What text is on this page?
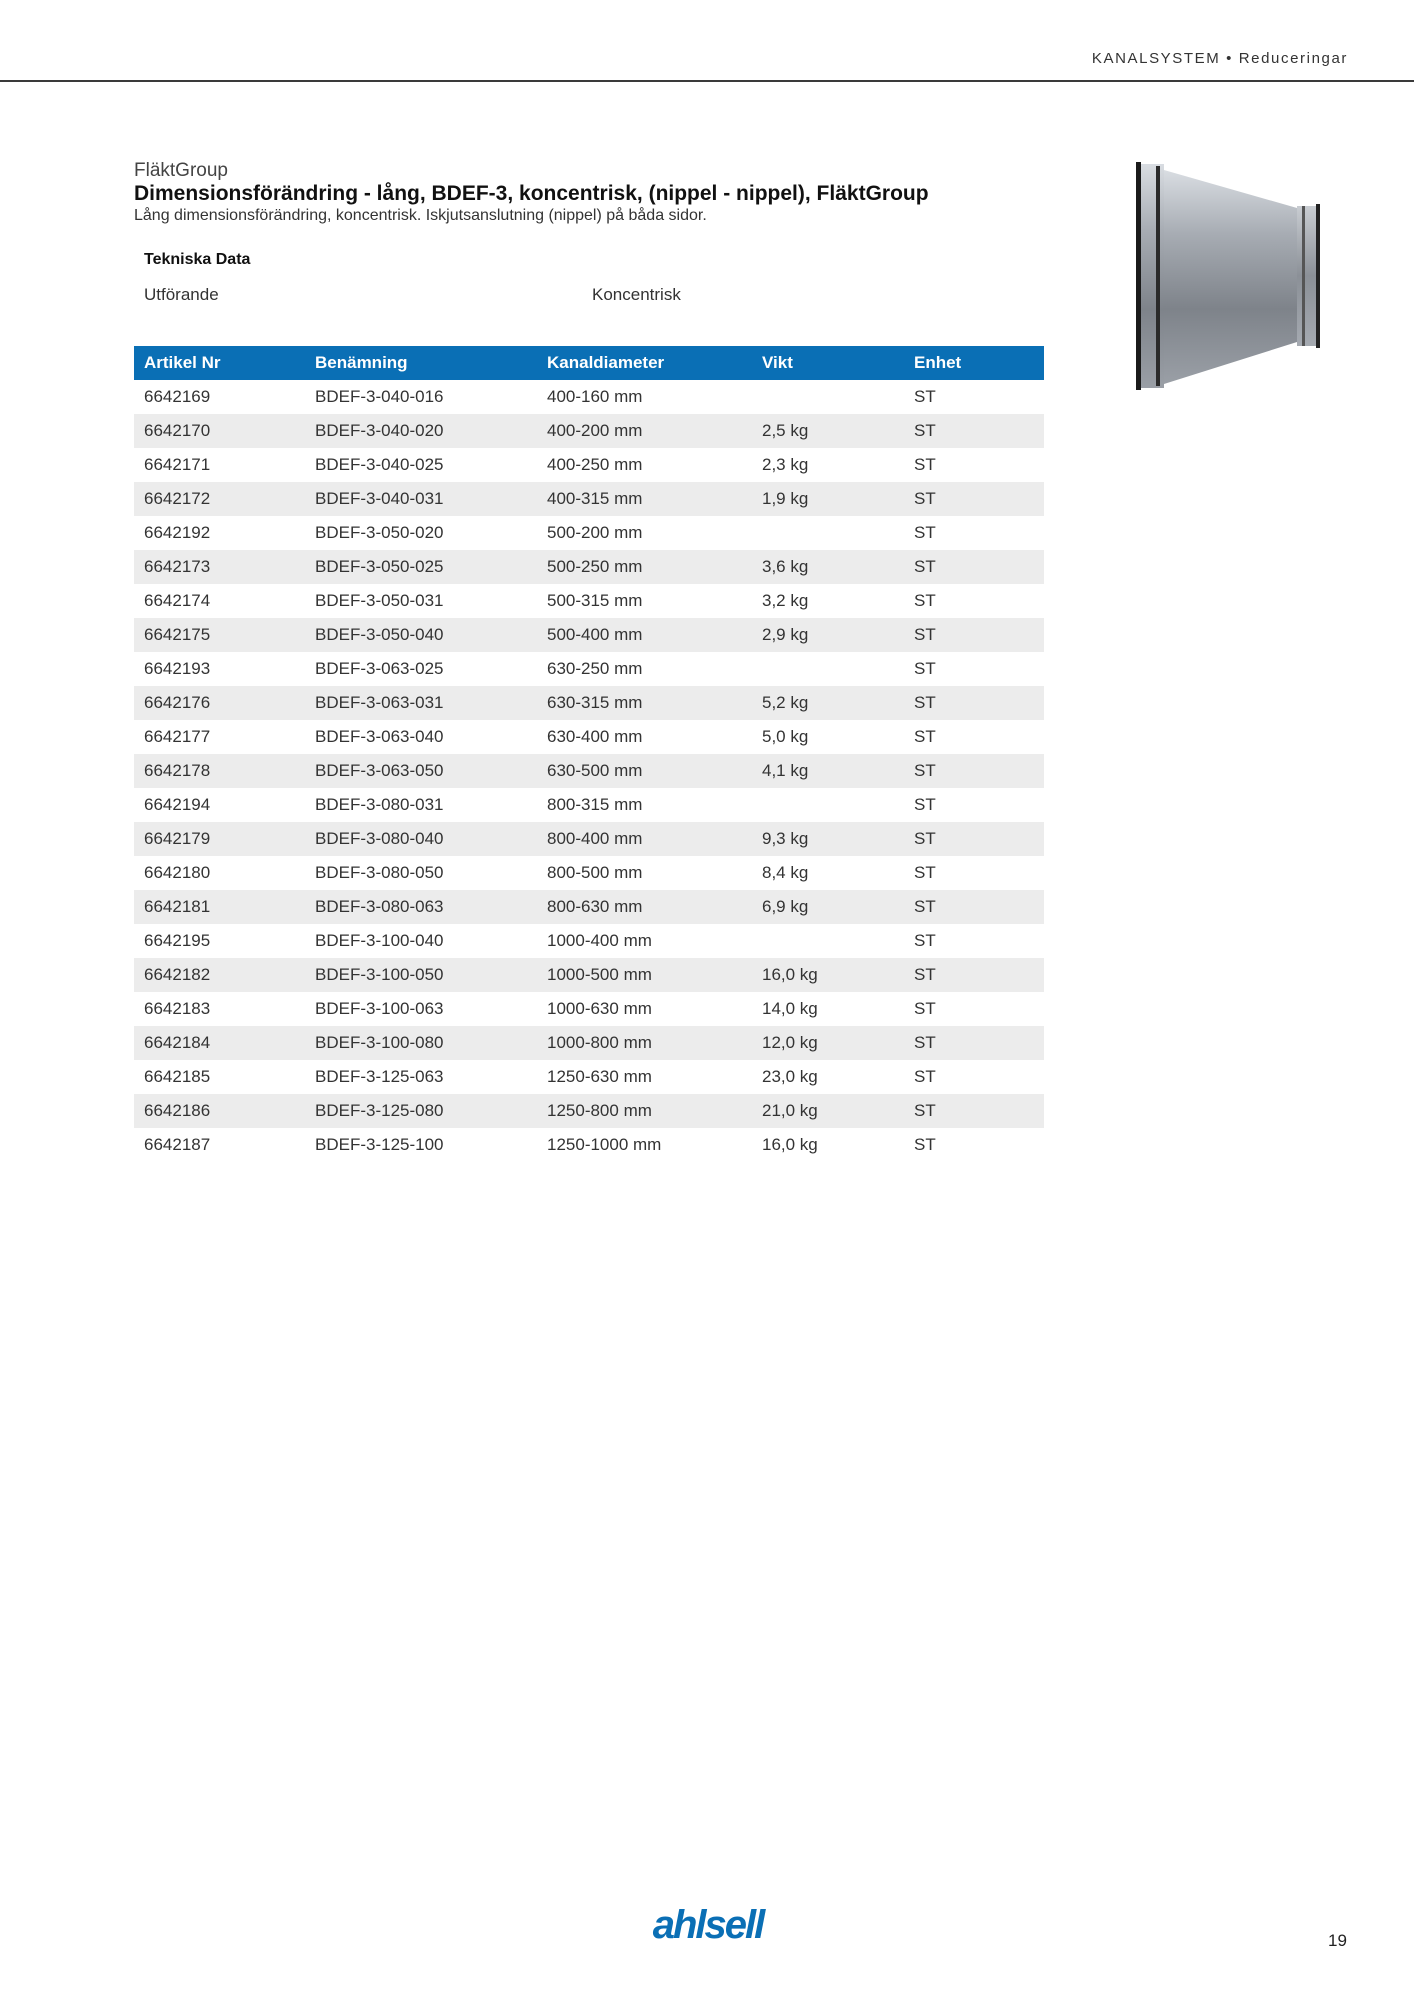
KANALSYSTEM • Reduceringar
FläktGroup
Dimensionsförändring - lång, BDEF-3, koncentrisk, (nippel - nippel), FläktGroup
Lång dimensionsförändring, koncentrisk. Iskjutsanslutning (nippel) på båda sidor.
Tekniska Data
Utförande	Koncentrisk
Artikel Nr	Benämning	Kanaldiameter	Vikt	Enhet
6642169	BDEF-3-040-016	400-160 mm		ST
6642170	BDEF-3-040-020	400-200 mm	2,5 kg	ST
6642171	BDEF-3-040-025	400-250 mm	2,3 kg	ST
6642172	BDEF-3-040-031	400-315 mm	1,9 kg	ST
6642192	BDEF-3-050-020	500-200 mm		ST
6642173	BDEF-3-050-025	500-250 mm	3,6 kg	ST
6642174	BDEF-3-050-031	500-315 mm	3,2 kg	ST
6642175	BDEF-3-050-040	500-400 mm	2,9 kg	ST
6642193	BDEF-3-063-025	630-250 mm		ST
6642176	BDEF-3-063-031	630-315 mm	5,2 kg	ST
6642177	BDEF-3-063-040	630-400 mm	5,0 kg	ST
6642178	BDEF-3-063-050	630-500 mm	4,1 kg	ST
6642194	BDEF-3-080-031	800-315 mm		ST
6642179	BDEF-3-080-040	800-400 mm	9,3 kg	ST
6642180	BDEF-3-080-050	800-500 mm	8,4 kg	ST
6642181	BDEF-3-080-063	800-630 mm	6,9 kg	ST
6642195	BDEF-3-100-040	1000-400 mm		ST
6642182	BDEF-3-100-050	1000-500 mm	16,0 kg	ST
6642183	BDEF-3-100-063	1000-630 mm	14,0 kg	ST
6642184	BDEF-3-100-080	1000-800 mm	12,0 kg	ST
6642185	BDEF-3-125-063	1250-630 mm	23,0 kg	ST
6642186	BDEF-3-125-080	1250-800 mm	21,0 kg	ST
6642187	BDEF-3-125-100	1250-1000 mm	16,0 kg	ST
ahlsell	19
